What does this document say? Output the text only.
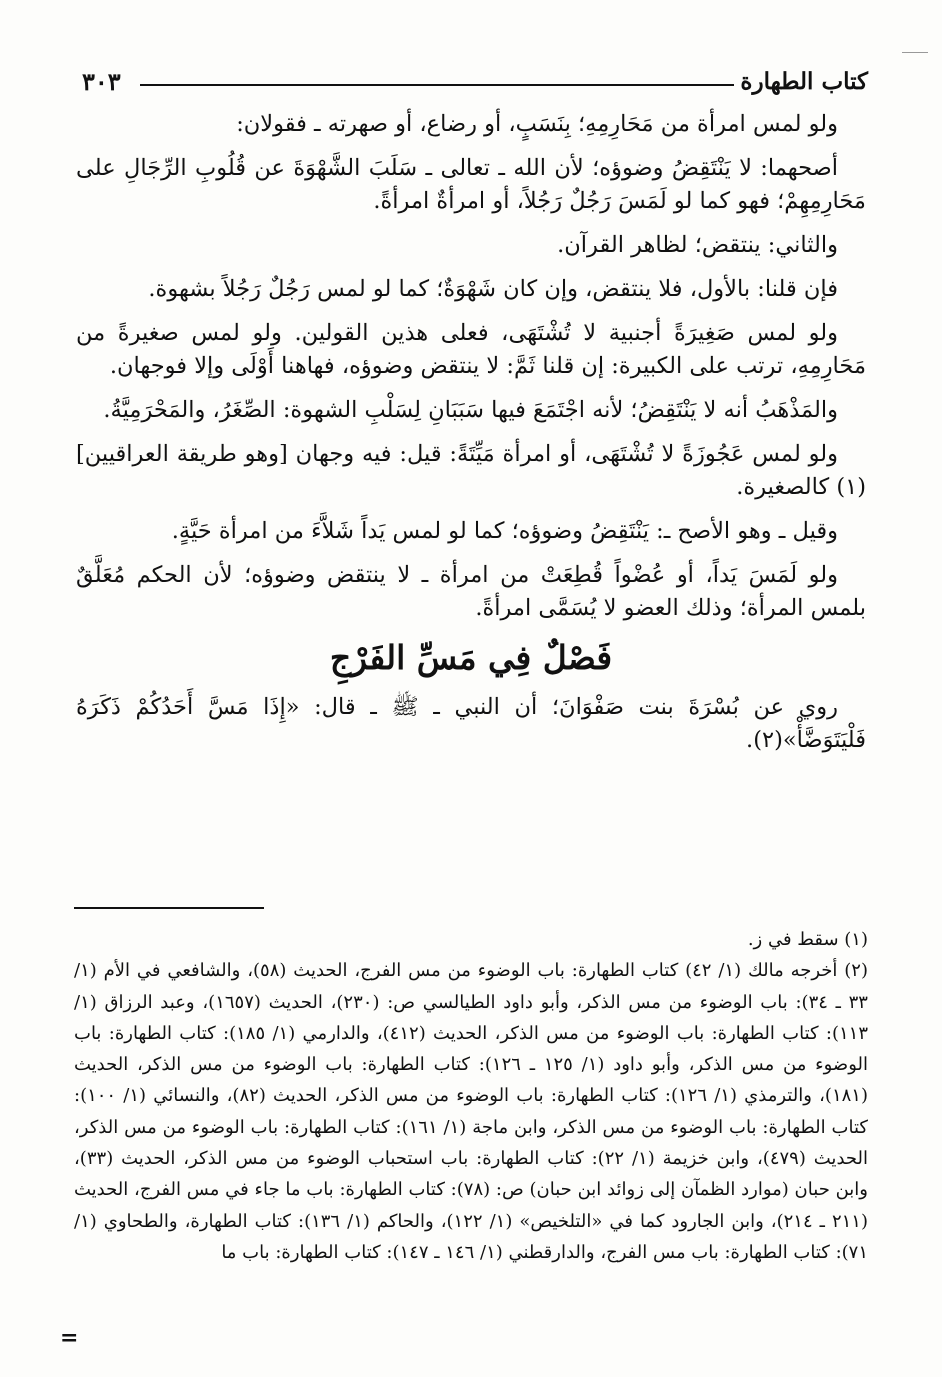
كتاب الطهارة
٣٠٣

ولو لمس امرأة من مَحَارِمِهِ؛ بِنَسَبٍ، أو رضاع، أو صهرته ـ فقولان:

أصحهما: لا يَنْتَقِضُ وضوؤه؛ لأن الله ـ تعالى ـ سَلَبَ الشَّهْوَةَ عن قُلُوبِ الرِّجَالِ على مَحَارِمِهِمْ؛ فهو كما لو لَمَسَ رَجُلٌ رَجُلاً، أو امرأةٌ امرأةً.

والثاني: ينتقض؛ لظاهر القرآن.

فإن قلنا: بالأول، فلا ينتقض، وإن كان شَهْوَةٌ؛ كما لو لمس رَجُلٌ رَجُلاً بشهوة.

ولو لمس صَغِيرَةً أجنبية لا تُشْتَهَى، فعلى هذين القولين. ولو لمس صغيرةً من مَحَارِمِهِ، ترتب على الكبيرة: إن قلنا ثَمَّ: لا ينتقض وضوؤه، فهاهنا أَوْلَى وإلا فوجهان.

والمَذْهَبُ أنه لا يَنْتَقِضُ؛ لأنه اجْتَمَعَ فيها سَبَبَانِ لِسَلْبِ الشهوة: الصِّغَرُ، والمَحْرَمِيَّةُ.

ولو لمس عَجُوزَةً لا تُشْتَهَى، أو امرأة مَيِّتَةً: قيل: فيه وجهان [وهو طريقة العراقيين](١) كالصغيرة.

وقيل ـ وهو الأصح ـ: يَنْتَقِضُ وضوؤه؛ كما لو لمس يَداً شَلاَّءَ من امرأة حَيَّةٍ.

ولو لَمَسَ يَداً، أو عُضْواً قُطِعَتْ من امرأة ـ لا ينتقض وضوؤه؛ لأن الحكم مُعَلَّقٌ بلمس المرأة؛ وذلك العضو لا يُسَمَّى امرأةً.

فَصْلٌ فِي مَسِّ الفَرْجِ

روي عن بُسْرَةَ بنت صَفْوَانَ؛ أن النبي ـ ﷺ ـ قال: «إِذَا مَسَّ أَحَدُكُمْ ذَكَرَهُ فَلْيَتَوَضَّأْ»(٢).

(١) سقط في ز.

(٢) أخرجه مالك (١/ ٤٢) كتاب الطهارة: باب الوضوء من مس الفرج، الحديث (٥٨)، والشافعي في الأم (١/ ٣٣ ـ ٣٤): باب الوضوء من مس الذكر، وأبو داود الطيالسي ص: (٢٣٠)، الحديث (١٦٥٧)، وعبد الرزاق (١/ ١١٣): كتاب الطهارة: باب الوضوء من مس الذكر، الحديث (٤١٢)، والدارمي (١/ ١٨٥): كتاب الطهارة: باب الوضوء من مس الذكر، وأبو داود (١/ ١٢٥ ـ ١٢٦): كتاب الطهارة: باب الوضوء من مس الذكر، الحديث (١٨١)، والترمذي (١/ ١٢٦): كتاب الطهارة: باب الوضوء من مس الذكر، الحديث (٨٢)، والنسائي (١/ ١٠٠): كتاب الطهارة: باب الوضوء من مس الذكر، وابن ماجة (١/ ١٦١): كتاب الطهارة: باب الوضوء من مس الذكر، الحديث (٤٧٩)، وابن خزيمة (١/ ٢٢): كتاب الطهارة: باب استحباب الوضوء من مس الذكر، الحديث (٣٣)، وابن حبان (موارد الظمآن إلى زوائد ابن حبان) ص: (٧٨): كتاب الطهارة: باب ما جاء في مس الفرج، الحديث (٢١١ ـ ٢١٤)، وابن الجارود كما في «التلخيص» (١/ ١٢٢)، والحاكم (١/ ١٣٦): كتاب الطهارة، والطحاوي (١/ ٧١): كتاب الطهارة: باب مس الفرج، والدارقطني (١/ ١٤٦ ـ ١٤٧): كتاب الطهارة: باب ما

=
